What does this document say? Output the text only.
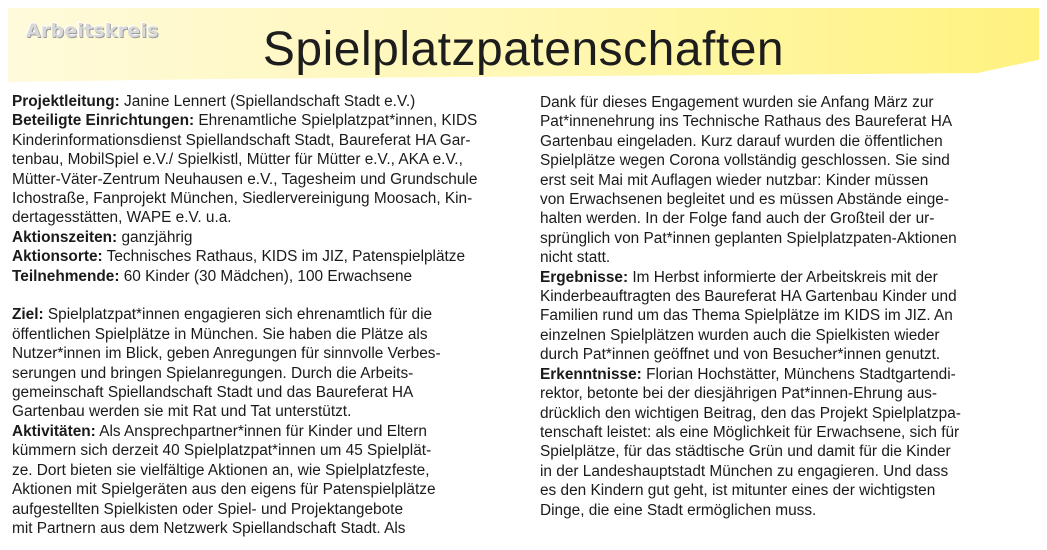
Arbeitskreis	Spielplatzpatenschaften
Projektleitung: Janine Lennert (Spiellandschaft Stadt e.V.)
Beteiligte Einrichtungen: Ehrenamtliche Spielplatzpat*innen, KIDS
Kinderinformationsdienst Spiellandschaft Stadt, Baureferat HA Gar-
tenbau, MobilSpiel e.V./ Spielkistl, Mütter für Mütter e.V., AKA e.V.,
Mütter-Väter-Zentrum Neuhausen e.V., Tagesheim und Grundschule
Ichostraße, Fanprojekt München, Siedlervereinigung Moosach, Kin-
dertagesstätten, WAPE e.V. u.a.
Aktionszeiten: ganzjährig
Aktionsorte: Technisches Rathaus, KIDS im JIZ, Patenspielplätze
Teilnehmende: 60 Kinder (30 Mädchen), 100 Erwachsene
Ziel: Spielplatzpat*innen engagieren sich ehrenamtlich für die
öffentlichen Spielplätze in München. Sie haben die Plätze als
Nutzer*innen im Blick, geben Anregungen für sinnvolle Verbes-
serungen und bringen Spielanregungen. Durch die Arbeits-
gemeinschaft Spiellandschaft Stadt und das Baureferat HA
Gartenbau werden sie mit Rat und Tat unterstützt.
Aktivitäten: Als Ansprechpartner*innen für Kinder und Eltern
kümmern sich derzeit 40 Spielplatzpat*innen um 45 Spielplät-
ze. Dort bieten sie vielfältige Aktionen an, wie Spielplatzfeste,
Aktionen mit Spielgeräten aus den eigens für Patenspielplätze
aufgestellten Spielkisten oder Spiel- und Projektangebote
mit Partnern aus dem Netzwerk Spiellandschaft Stadt. Als
Dank für dieses Engagement wurden sie Anfang März zur
Pat*innenehrung ins Technische Rathaus des Baureferat HA
Gartenbau eingeladen. Kurz darauf wurden die öffentlichen
Spielplätze wegen Corona vollständig geschlossen. Sie sind
erst seit Mai mit Auflagen wieder nutzbar: Kinder müssen
von Erwachsenen begleitet und es müssen Abstände einge-
halten werden. In der Folge fand auch der Großteil der ur-
sprünglich von Pat*innen geplanten Spielplatzpaten-Aktionen
nicht statt.
Ergebnisse: Im Herbst informierte der Arbeitskreis mit der
Kinderbeauftragten des Baureferat HA Gartenbau Kinder und
Familien rund um das Thema Spielplätze im KIDS im JIZ. An
einzelnen Spielplätzen wurden auch die Spielkisten wieder
durch Pat*innen geöffnet und von Besucher*innen genutzt.
Erkenntnisse: Florian Hochstätter, Münchens Stadtgartendi-
rektor, betonte bei der diesjährigen Pat*innen-Ehrung aus-
drücklich den wichtigen Beitrag, den das Projekt Spielplatzpa-
tenschaft leistet: als eine Möglichkeit für Erwachsene, sich für
Spielplätze, für das städtische Grün und damit für die Kinder
in der Landeshauptstadt München zu engagieren. Und dass
es den Kindern gut geht, ist mitunter eines der wichtigsten
Dinge, die eine Stadt ermöglichen muss.
